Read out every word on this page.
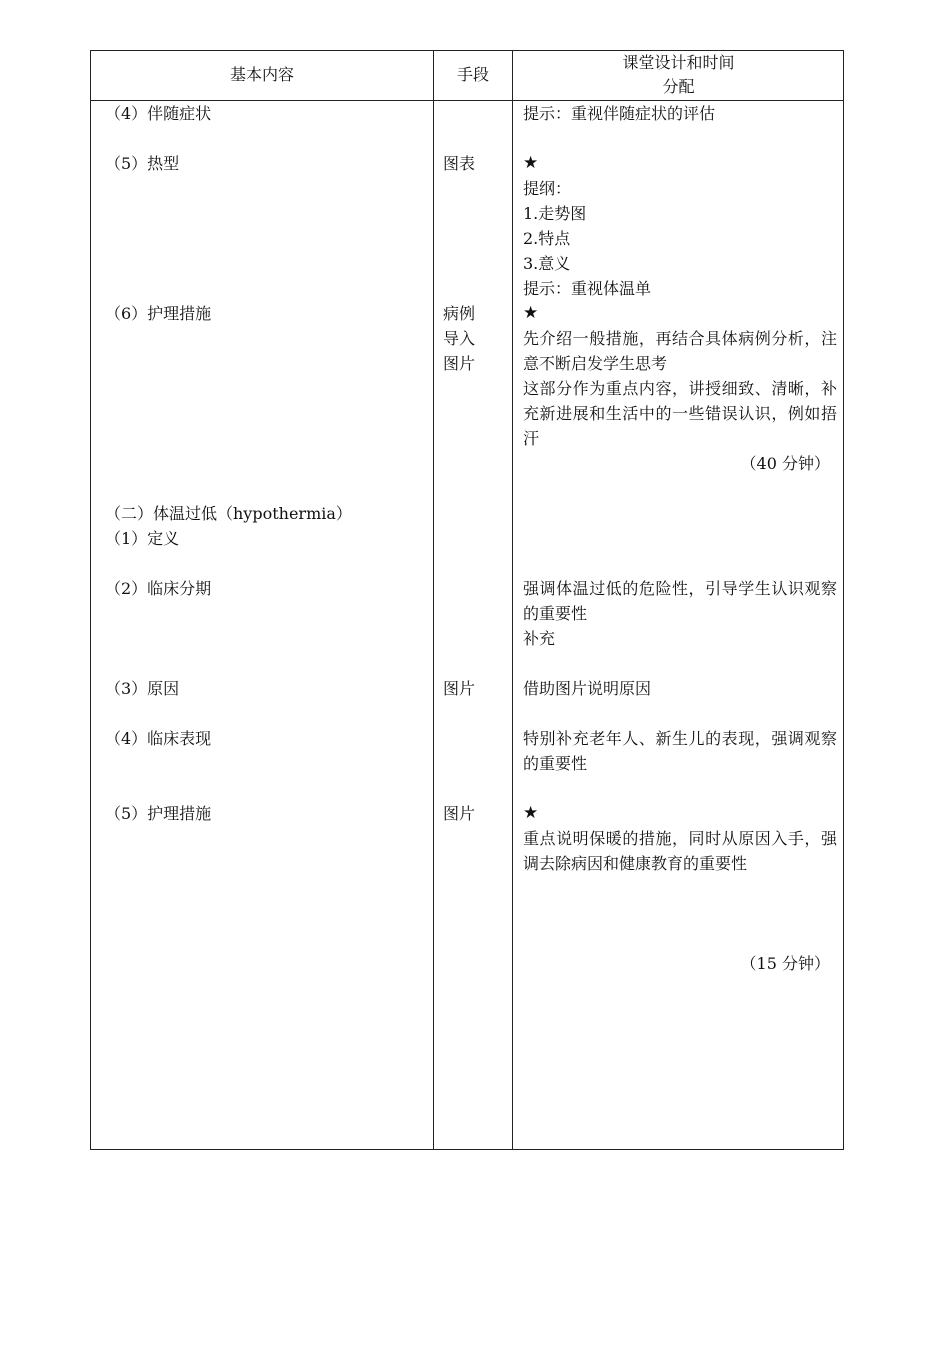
基本内容	手段
课堂设计和时间
分配
（4）伴随症状
（5）热型
（6）护理措施
（二）体温过低（hypothermia）
（1）定义
（2）临床分期
（3）原因
（4）临床表现
（5）护理措施
图表
病例
导入
图片
图片
图片
提示：重视伴随症状的评估
★
提纲：
1.走势图
2.特点
3.意义
提示：重视体温单
★
先介绍一般措施，再结合具体病例分析，注意不断启发学生思考
这部分作为重点内容，讲授细致、清晰，补充新进展和生活中的一些错误认识，例如捂汗
（40 分钟）
强调体温过低的危险性，引导学生认识观察的重要性
补充
借助图片说明原因
特别补充老年人、新生儿的表现，强调观察的重要性
★
重点说明保暖的措施，同时从原因入手，强调去除病因和健康教育的重要性
（15 分钟）
